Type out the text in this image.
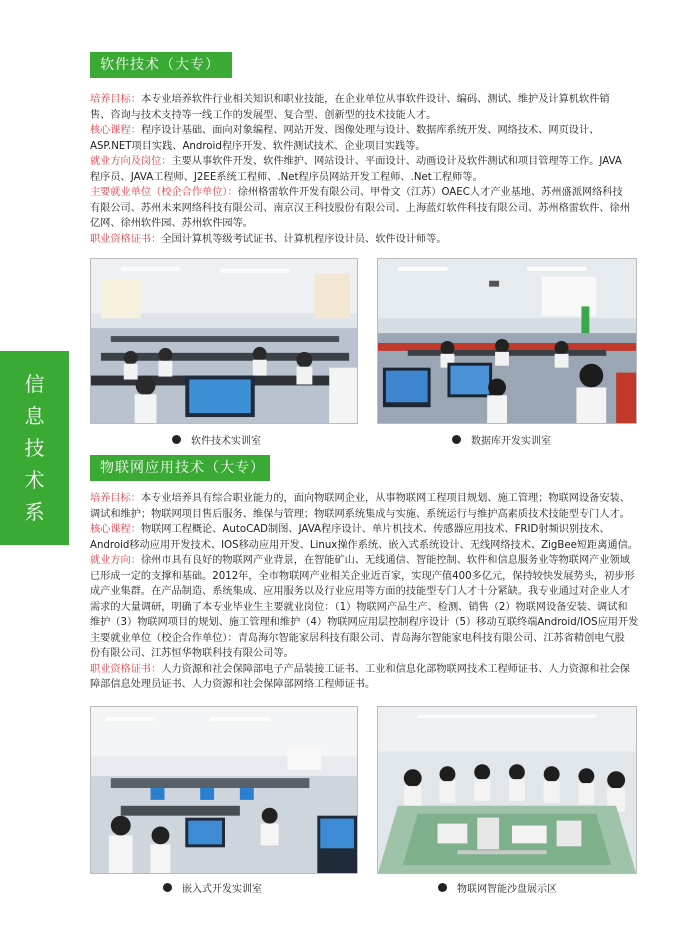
软件技术（大专）
培养目标：本专业培养软件行业相关知识和职业技能，在企业单位从事软件设计、编码、测试、维护及计算机软件销
售、咨询与技术支持等一线工作的发展型、复合型、创新型的技术技能人才。
核心课程：程序设计基础、面向对象编程、网站开发、图像处理与设计、数据库系统开发、网络技术、网页设计、
ASP.NET项目实践、Android程序开发、软件测试技术、企业项目实践等。
就业方向及岗位：主要从事软件开发、软件维护、网站设计、平面设计、动画设计及软件测试和项目管理等工作。JAVA
程序员、JAVA工程师、J2EE系统工程师、.Net程序员网站开发工程师、.Net工程师等。
主要就业单位（校企合作单位）：徐州格雷软件开发有限公司、甲骨文（江苏）OAEC人才产业基地、苏州盛派网络科技
有限公司、苏州未来网络科技有限公司、南京汉王科技股份有限公司、上海蓝灯软件科技有限公司、苏州格雷软件、徐州
亿网、徐州软件园、苏州软件园等。
职业资格证书：全国计算机等级考试证书、计算机程序设计员、软件设计师等。
软件技术实训室	数据库开发实训室
物联网应用技术（大专）
培养目标：本专业培养具有综合职业能力的，面向物联网企业，从事物联网工程项目规划、施工管理；物联网设备安装、
调试和维护；物联网项目售后服务、维保与管理；物联网系统集成与实施、系统运行与维护高素质技术技能型专门人才。
核心课程：物联网工程概论、AutoCAD制图、JAVA程序设计、单片机技术、传感器应用技术、FRID射频识别技术、
Android移动应用开发技术、IOS移动应用开发、Linux操作系统、嵌入式系统设计、无线网络技术、ZigBee短距离通信。
就业方向：徐州市具有良好的物联网产业背景，在智能矿山、无线通信、智能控制、软件和信息服务业等物联网产业领域
已形成一定的支撑和基础。2012年，全市物联网产业相关企业近百家，实现产值400多亿元，保持较快发展势头，初步形
成产业集群。在产品制造、系统集成、应用服务以及行业应用等方面的技能型专门人才十分紧缺。我专业通过对企业人才
需求的大量调研，明确了本专业毕业生主要就业岗位：（1）物联网产品生产、检测、销售（2）物联网设备安装、调试和
维护（3）物联网项目的规划、施工管理和维护（4）物联网应用层控制程序设计（5）移动互联终端Android/IOS应用开发
主要就业单位（校企合作单位）：青岛海尔智能家居科技有限公司、青岛海尔智能家电科技有限公司、江苏省精创电气股
份有限公司、江苏恒华物联科技有限公司等。
职业资格证书：人力资源和社会保障部电子产品装接工证书、工业和信息化部物联网技术工程师证书、人力资源和社会保
障部信息处理员证书、人力资源和社会保障部网络工程师证书。
嵌入式开发实训室	物联网智能沙盘展示区
信
息
技
术
系
